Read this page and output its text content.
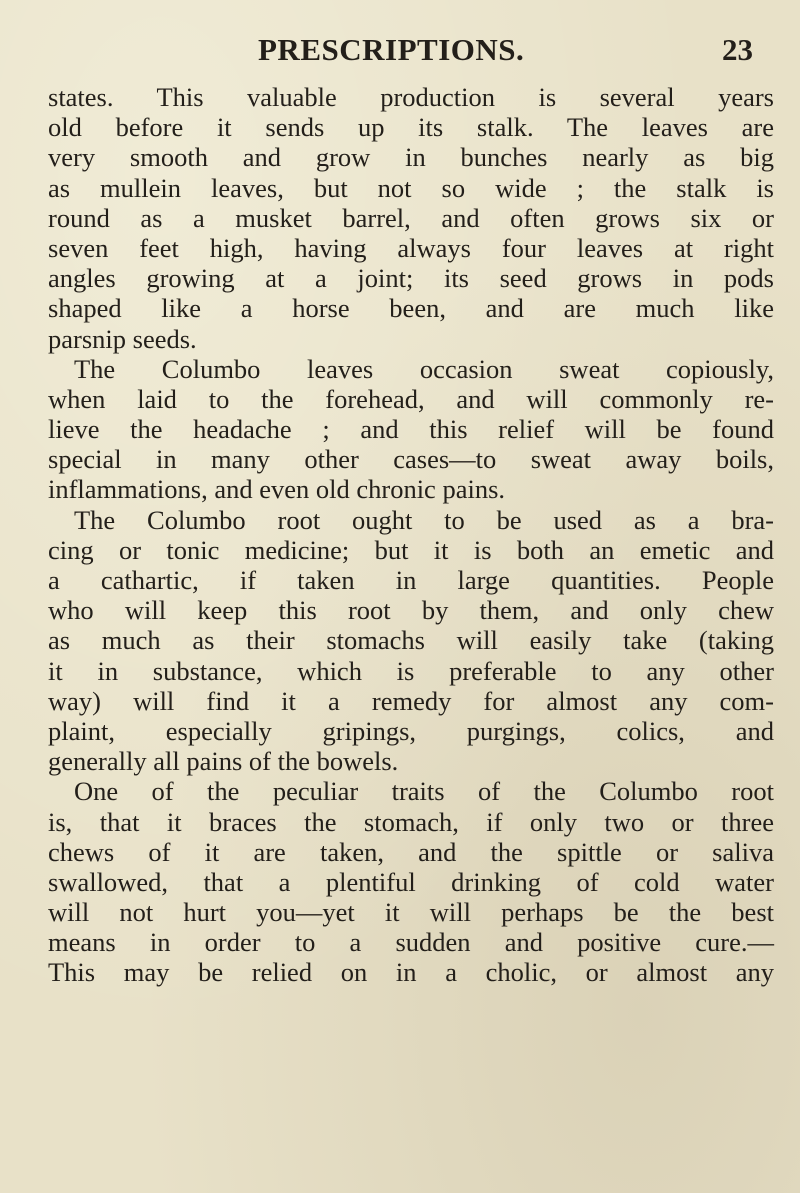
PRESCRIPTIONS.	23
states. This valuable production is several years
old before it sends up its stalk. The leaves are
very smooth and grow in bunches nearly as big
as mullein leaves, but not so wide ; the stalk is
round as a musket barrel, and often grows six or
seven feet high, having always four leaves at right
angles growing at a joint; its seed grows in pods
shaped like a horse been, and are much like
parsnip seeds.
The Columbo leaves occasion sweat copiously,
when laid to the forehead, and will commonly re-
lieve the headache ; and this relief will be found
special in many other cases—to sweat away boils,
inflammations, and even old chronic pains.
The Columbo root ought to be used as a bra-
cing or tonic medicine; but it is both an emetic and
a cathartic, if taken in large quantities. People
who will keep this root by them, and only chew
as much as their stomachs will easily take (taking
it in substance, which is preferable to any other
way) will find it a remedy for almost any com-
plaint, especially gripings, purgings, colics, and
generally all pains of the bowels.
One of the peculiar traits of the Columbo root
is, that it braces the stomach, if only two or three
chews of it are taken, and the spittle or saliva
swallowed, that a plentiful drinking of cold water
will not hurt you—yet it will perhaps be the best
means in order to a sudden and positive cure.—
This may be relied on in a cholic, or almost any
